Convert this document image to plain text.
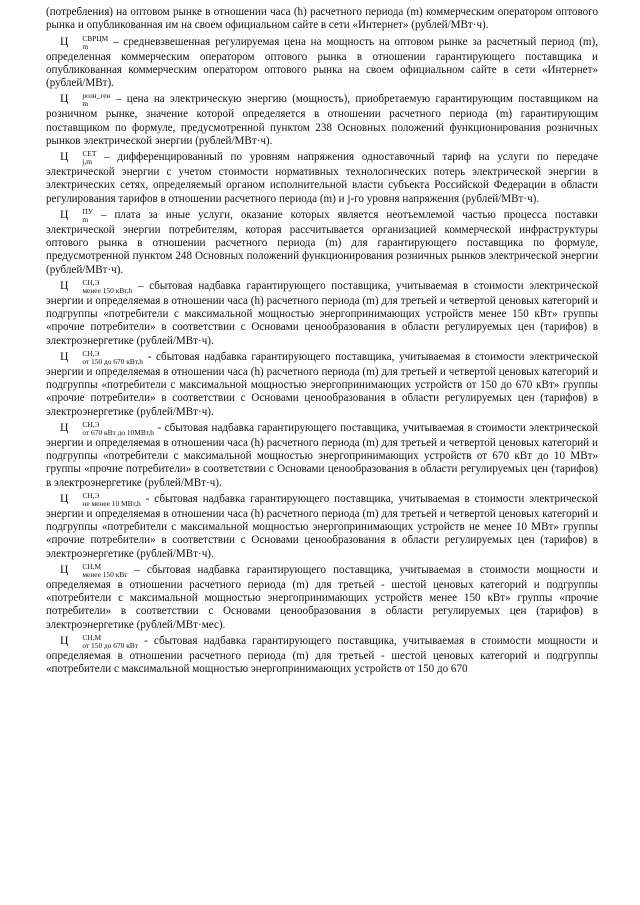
(потребления) на оптовом рынке в отношении часа (h) расчетного периода (m) коммерческим оператором оптового рынка и опубликованная им на своем официальном сайте в сети «Интернет» (рублей/МВт·ч).

Ц	СВРЦМ
m	– средневзвешенная регулируемая цена на мощность на оптовом рынке за расчетный период (m), определенная коммерческим оператором оптового рынка в отношении гарантирующего поставщика и опубликованная коммерческим оператором оптового рынка на своем официальном сайте в сети «Интернет» (рублей/МВт).

Ц	розн_ген
m	– цена на электрическую энергию (мощность), приобретаемую гарантирующим поставщиком на розничном рынке, значение которой определяется в отношении расчетного периода (m) гарантирующим поставщиком по формуле, предусмотренной пунктом 238 Основных положений функционирования розничных рынков электрической энергии (рублей/МВт·ч).

Ц	СЕТ
j,m – дифференцированный по уровням напряжения одноставочный тариф на услуги по передаче электрической энергии с учетом стоимости нормативных технологических потерь электрической энергии в электрических сетях, определяемый органом исполнительной власти субъекта Российской Федерации в области регулирования тарифов в отношении расчетного периода (m) и j-го уровня напряжения (рублей/МВт·ч).

Ц	ПУ
m – плата за иные услуги, оказание которых является неотъемлемой частью процесса поставки электрической энергии потребителям, которая рассчитывается организацией коммерческой инфраструктуры оптового рынка в отношении расчетного периода (m) для гарантирующего поставщика по формуле, предусмотренной пунктом 248 Основных положений функционирования розничных рынков электрической энергии (рублей/МВт·ч).

Ц	СН,Э
менее 150 кВт,h – сбытовая надбавка гарантирующего поставщика, учитываемая в стоимости электрической энергии и определяемая в отношении часа (h) расчетного периода (m) для третьей и четвертой ценовых категорий и подгруппы «потребители с максимальной мощностью энергопринимающих устройств менее 150 кВт» группы «прочие потребители» в соответствии с Основами ценообразования в области регулируемых цен (тарифов) в электроэнергетике (рублей/МВт·ч).

Ц	СН,Э
от 150 до 670 кВт,h - сбытовая надбавка гарантирующего поставщика, учитываемая в стоимости электрической энергии и определяемая в отношении часа (h) расчетного периода (m) для третьей и четвертой ценовых категорий и подгруппы «потребители с максимальной мощностью энергопринимающих устройств от 150 до 670 кВт» группы «прочие потребители» в соответствии с Основами ценообразования в области регулируемых цен (тарифов) в электроэнергетике (рублей/МВт·ч).

Ц	СН,Э
от 670 кВт до 10МВт,h - сбытовая надбавка гарантирующего поставщика, учитываемая в стоимости электрической энергии и определяемая в отношении часа (h) расчетного периода (m) для третьей и четвертой ценовых категорий и подгруппы «потребители с максимальной мощностью энергопринимающих устройств от 670 кВт до 10 МВт» группы «прочие потребители» в соответствии с Основами ценообразования в области регулируемых цен (тарифов) в электроэнергетике (рублей/МВт·ч).

Ц	СН,Э
не менее 10 МВт,h - сбытовая надбавка гарантирующего поставщика, учитываемая в стоимости электрической энергии и определяемая в отношении часа (h) расчетного периода (m) для третьей и четвертой ценовых категорий и подгруппы «потребители с максимальной мощностью энергопринимающих устройств не менее 10 МВт» группы «прочие потребители» в соответствии с Основами ценообразования в области регулируемых цен (тарифов) в электроэнергетике (рублей/МВт·ч).

Ц	СН,М
менее 150 кВт – сбытовая надбавка гарантирующего поставщика, учитываемая в стоимости мощности и определяемая в отношении расчетного периода (m) для третьей - шестой ценовых категорий и подгруппы «потребители с максимальной мощностью энергопринимающих устройств менее 150 кВт» группы «прочие потребители» в соответствии с Основами ценообразования в области регулируемых цен (тарифов) в электроэнергетике (рублей/МВт·мес).

Ц	СН,М
от 150 до 670 кВт - сбытовая надбавка гарантирующего поставщика, учитываемая в стоимости мощности и определяемая в отношении расчетного периода (m) для третьей - шестой ценовых категорий и подгруппы «потребители с максимальной мощностью энергопринимающих устройств от 150 до 670
